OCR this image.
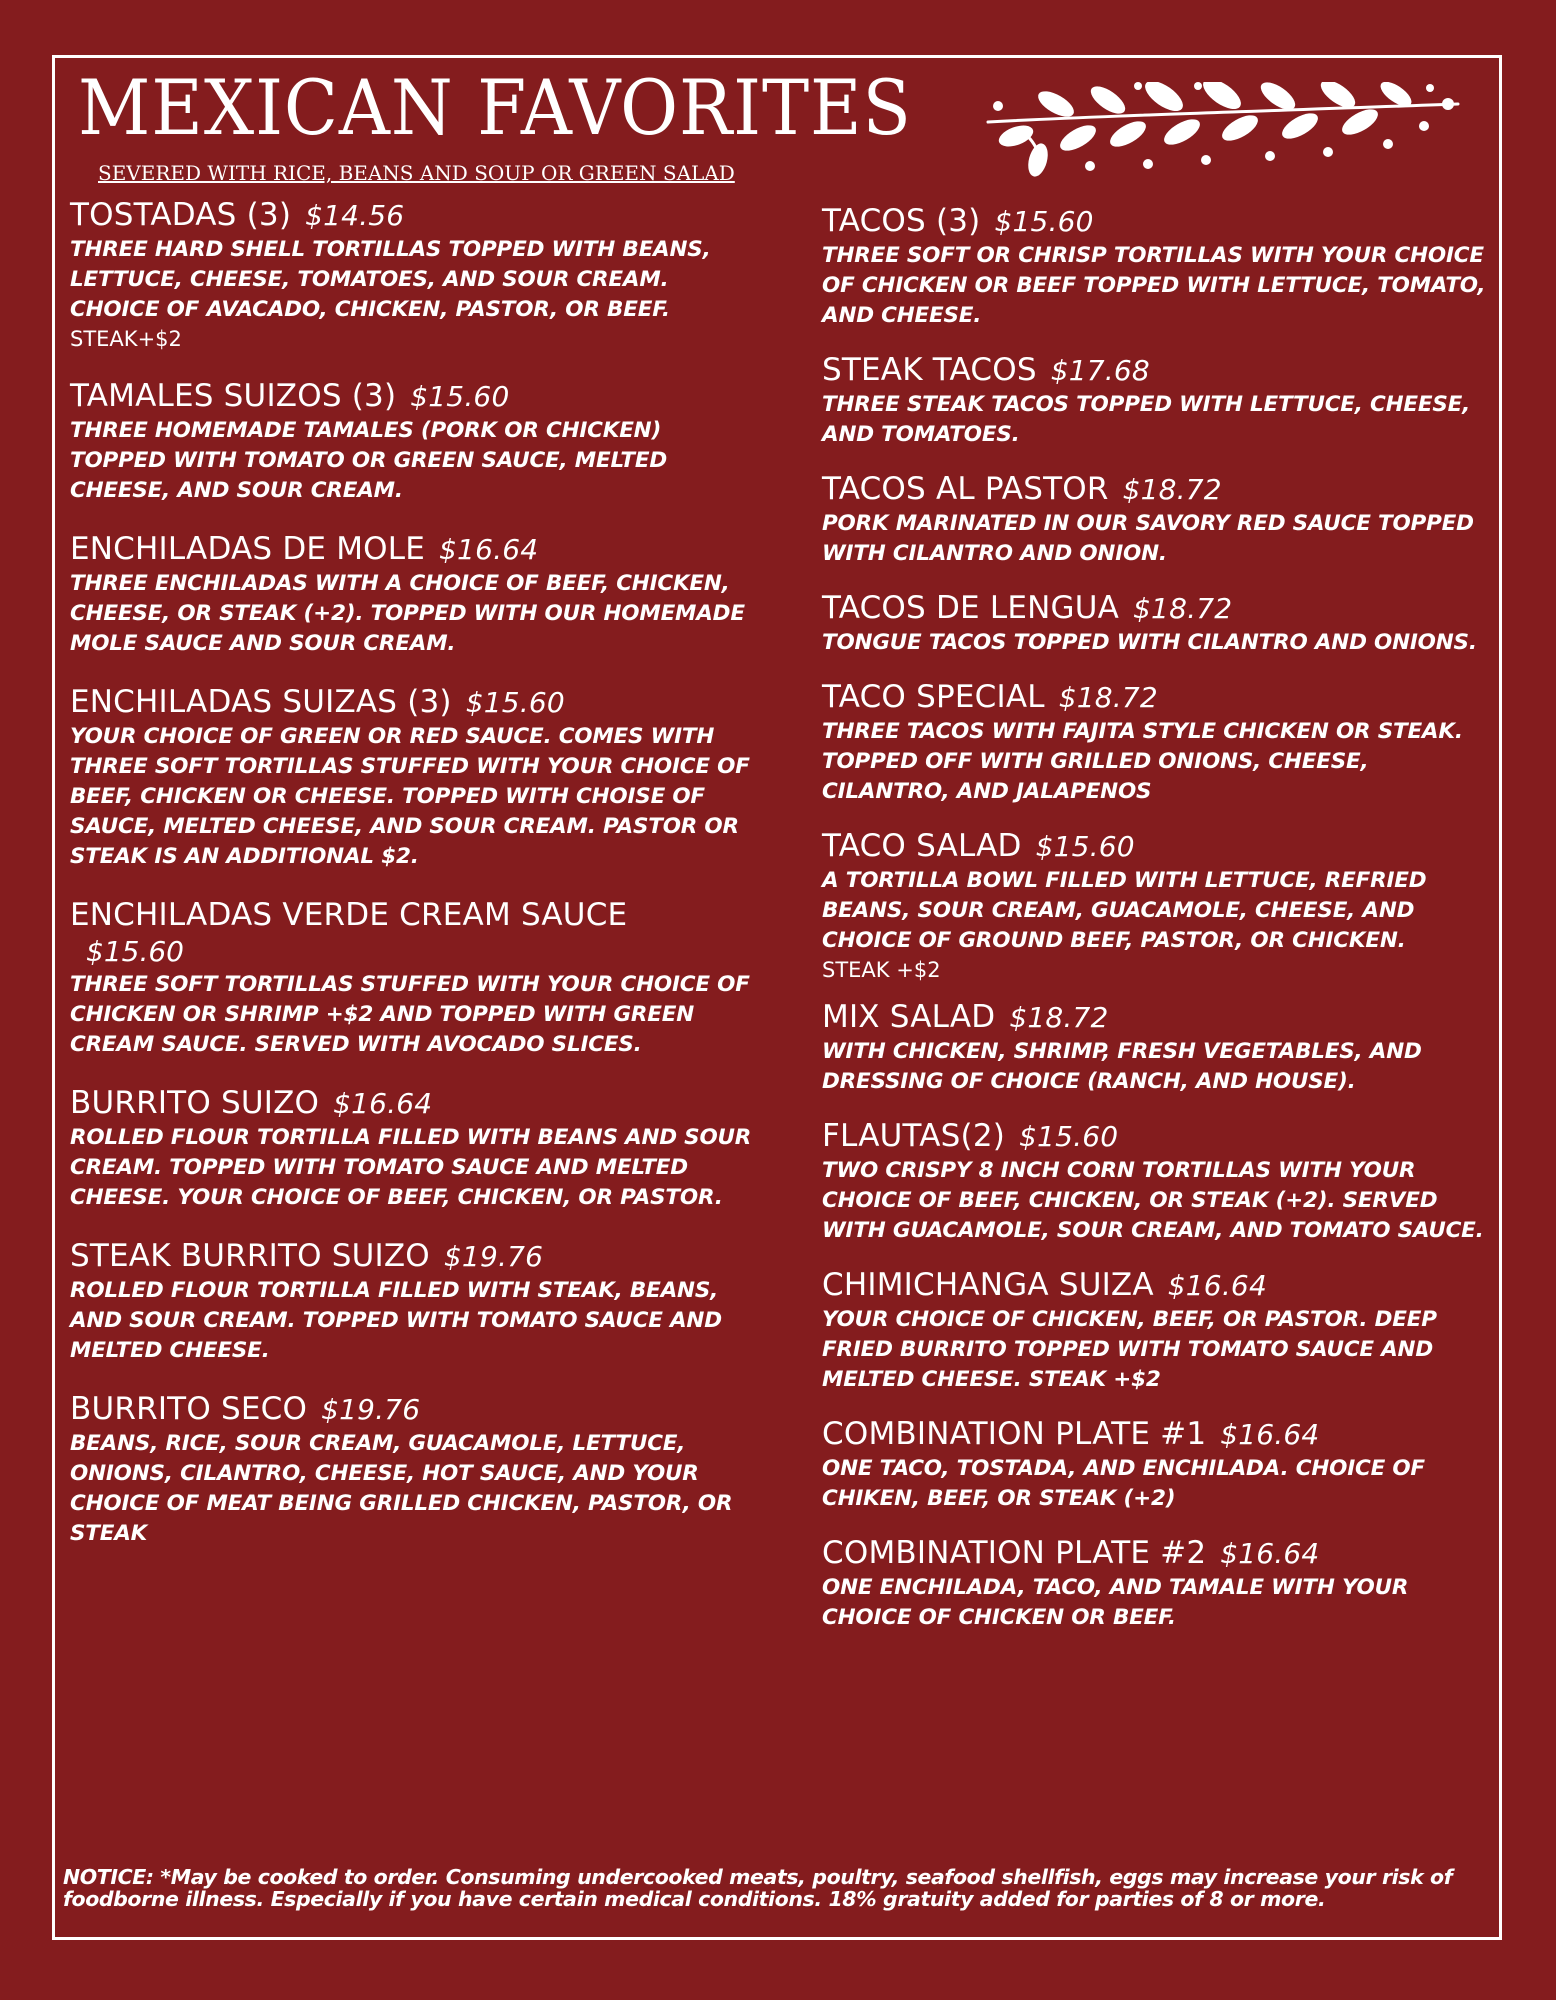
MEXICAN FAVORITES
SEVERED WITH RICE, BEANS AND SOUP OR GREEN SALAD
TOSTADAS (3) $14.56
THREE HARD SHELL TORTILLAS TOPPED WITH BEANS, LETTUCE, CHEESE, TOMATOES, AND SOUR CREAM. CHOICE OF AVACADO, CHICKEN, PASTOR, OR BEEF.
STEAK+$2
TAMALES SUIZOS (3) $15.60
THREE HOMEMADE TAMALES (PORK OR CHICKEN) TOPPED WITH TOMATO OR GREEN SAUCE, MELTED CHEESE, AND SOUR CREAM.
ENCHILADAS DE MOLE $16.64
THREE ENCHILADAS WITH A CHOICE OF BEEF, CHICKEN, CHEESE, OR STEAK (+2). TOPPED WITH OUR HOMEMADE MOLE SAUCE AND SOUR CREAM.
ENCHILADAS SUIZAS (3) $15.60
YOUR CHOICE OF GREEN OR RED SAUCE. COMES WITH THREE SOFT TORTILLAS STUFFED WITH YOUR CHOICE OF BEEF, CHICKEN OR CHEESE. TOPPED WITH CHOISE OF SAUCE, MELTED CHEESE, AND SOUR CREAM. PASTOR OR STEAK IS AN ADDITIONAL $2.
ENCHILADAS VERDE CREAM SAUCE
$15.60
THREE SOFT TORTILLAS STUFFED WITH YOUR CHOICE OF CHICKEN OR SHRIMP +$2 AND TOPPED WITH GREEN CREAM SAUCE. SERVED WITH AVOCADO SLICES.
BURRITO SUIZO $16.64
ROLLED FLOUR TORTILLA FILLED WITH BEANS AND SOUR CREAM. TOPPED WITH TOMATO SAUCE AND MELTED CHEESE. YOUR CHOICE OF BEEF, CHICKEN, OR PASTOR.
STEAK BURRITO SUIZO $19.76
ROLLED FLOUR TORTILLA FILLED WITH STEAK, BEANS, AND SOUR CREAM. TOPPED WITH TOMATO SAUCE AND MELTED CHEESE.
BURRITO SECO $19.76
BEANS, RICE, SOUR CREAM, GUACAMOLE, LETTUCE, ONIONS, CILANTRO, CHEESE, HOT SAUCE, AND YOUR CHOICE OF MEAT BEING GRILLED CHICKEN, PASTOR, OR STEAK
TACOS (3) $15.60
THREE SOFT OR CHRISP TORTILLAS WITH YOUR CHOICE OF CHICKEN OR BEEF TOPPED WITH LETTUCE, TOMATO, AND CHEESE.
STEAK TACOS $17.68
THREE STEAK TACOS TOPPED WITH LETTUCE, CHEESE, AND TOMATOES.
TACOS AL PASTOR $18.72
PORK MARINATED IN OUR SAVORY RED SAUCE TOPPED WITH CILANTRO AND ONION.
TACOS DE LENGUA $18.72
TONGUE TACOS TOPPED WITH CILANTRO AND ONIONS.
TACO SPECIAL $18.72
THREE TACOS WITH FAJITA STYLE CHICKEN OR STEAK. TOPPED OFF WITH GRILLED ONIONS, CHEESE, CILANTRO, AND JALAPENOS
TACO SALAD $15.60
A TORTILLA BOWL FILLED WITH LETTUCE, REFRIED BEANS, SOUR CREAM, GUACAMOLE, CHEESE, AND CHOICE OF GROUND BEEF, PASTOR, OR CHICKEN.
STEAK +$2
MIX SALAD $18.72
WITH CHICKEN, SHRIMP, FRESH VEGETABLES, AND DRESSING OF CHOICE (RANCH, AND HOUSE).
FLAUTAS(2) $15.60
TWO CRISPY 8 INCH CORN TORTILLAS WITH YOUR CHOICE OF BEEF, CHICKEN, OR STEAK (+2). SERVED WITH GUACAMOLE, SOUR CREAM, AND TOMATO SAUCE.
CHIMICHANGA SUIZA $16.64
YOUR CHOICE OF CHICKEN, BEEF, OR PASTOR. DEEP FRIED BURRITO TOPPED WITH TOMATO SAUCE AND MELTED CHEESE. STEAK +$2
COMBINATION PLATE #1 $16.64
ONE TACO, TOSTADA, AND ENCHILADA. CHOICE OF CHIKEN, BEEF, OR STEAK (+2)
COMBINATION PLATE #2 $16.64
ONE ENCHILADA, TACO, AND TAMALE WITH YOUR CHOICE OF CHICKEN OR BEEF.
NOTICE: *May be cooked to order. Consuming undercooked meats, poultry, seafood shellfish, eggs may increase your risk of foodborne illness. Especially if you have certain medical conditions. 18% gratuity added for parties of 8 or more.
